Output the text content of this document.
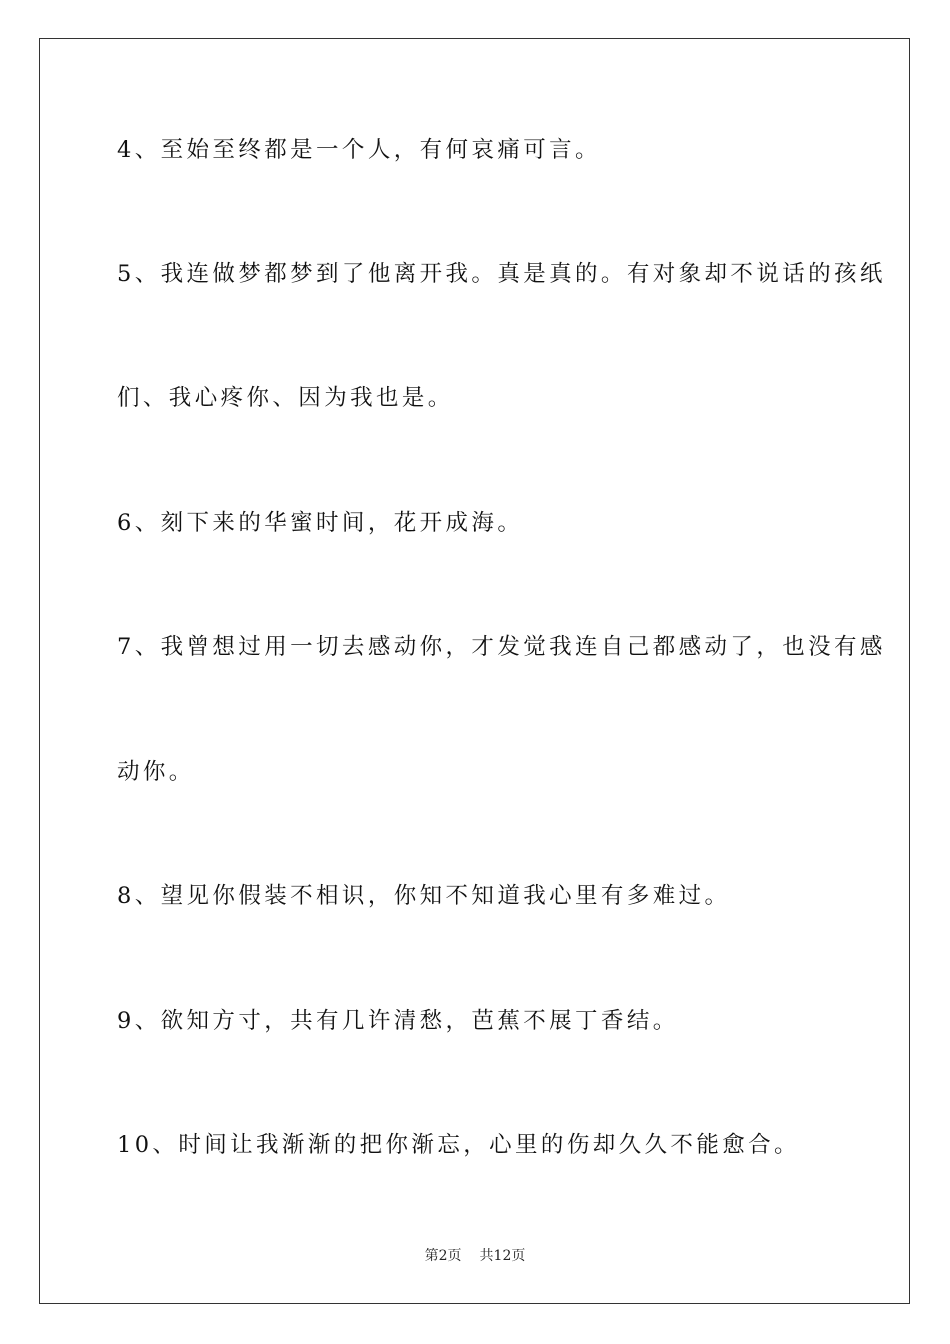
4、至始至终都是一个人，有何哀痛可言。
5、我连做梦都梦到了他离开我。真是真的。有对象却不说话的孩纸
们、我心疼你、因为我也是。
6、刻下来的华蜜时间，花开成海。
7、我曾想过用一切去感动你，才发觉我连自己都感动了，也没有感
动你。
8、望见你假装不相识，你知不知道我心里有多难过。
9、欲知方寸，共有几许清愁，芭蕉不展丁香结。
10、时间让我渐渐的把你渐忘，心里的伤却久久不能愈合。
第2页 共12页
